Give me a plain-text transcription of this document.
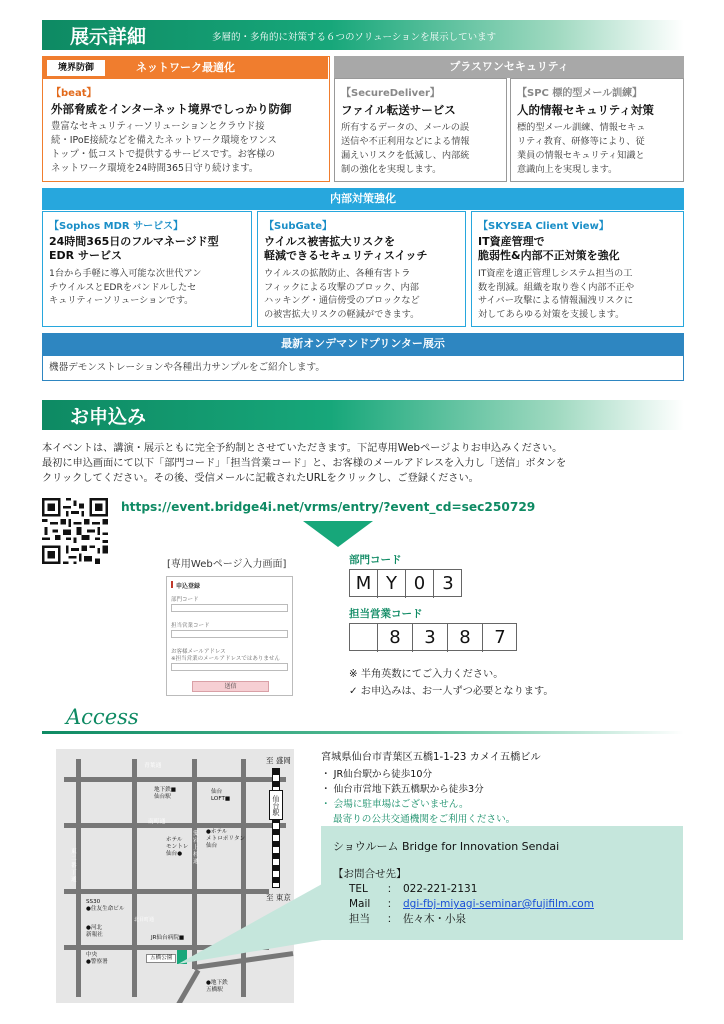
展示詳細	多層的・多角的に対策する６つのソリューションを展示しています
ネットワーク最適化
境界防御
【beat】
外部脅威をインターネット境界でしっかり防御
豊富なセキュリティーソリューションとクラウド接
続・IPoE接続などを備えたネットワーク環境をワンス
トップ・低コストで提供するサービスです。お客様の
ネットワーク環境を24時間365日守り続けます。
プラスワンセキュリティ
【SecureDeliver】
ファイル転送サービス
所有するデータの、メールの誤
送信や不正利用などによる情報
漏えいリスクを低減し、内部統
制の強化を実現します。
【SPC 標的型メール訓練】
人的情報セキュリティ対策
標的型メール訓練、情報セキュ
リティ教育、研修等により、従
業員の情報セキュリティ知識と
意識向上を実現します。
内部対策強化
【Sophos MDR サービス】
24時間365日のフルマネージド型
EDR サービス
1台から手軽に導入可能な次世代アン
チウイルスとEDRをバンドルしたセ
キュリティーソリューションです。
【SubGate】
ウイルス被害拡大リスクを
軽減できるセキュリティスイッチ
ウイルスの拡散防止、各種有害トラ
フィックによる攻撃のブロック、内部
ハッキング・通信傍受のブロックなど
の被害拡大リスクの軽減ができます。
【SKYSEA Client View】
IT資産管理で
脆弱性&内部不正対策を強化
IT資産を適正管理しシステム担当の工
数を削減。組織を取り巻く内部不正や
サイバー攻撃による情報漏洩リスクに
対してあらゆる対策を支援します。
最新オンデマンドプリンター展示
機器デモンストレーションや各種出力サンプルをご紹介します。
お申込み
本イベントは、講演・展示ともに完全予約制とさせていただきます。下記専用Webページよりお申込みください。
最初に申込画面にて以下「部門コード」「担当営業コード」と、お客様のメールアドレスを入力し「送信」ボタンを
クリックしてください。その後、受信メールに記載されたURLをクリックし、ご登録ください。
https://event.bridge4i.net/vrms/entry/?event_cd=sec250729
[専用Webページ入力画面]
申込登録
部門コード
担当営業コード
お客様メールアドレス
※担当営業のメールアドレスではありません
送信
部門コード
M Y 0 3
担当営業コード
8	3	8	7
※ 半角英数にてご入力ください。
✓ お申込みは、お一人ずつ必要となります。
Access
青葉通
地下鉄■
仙台駅
仙台
LOFT■
南町通
●ホテル
メトロポリタン
仙台
ホテル
モントレ
仙台●
愛宕上杉通
東二番丁通
SS30
●住友生命ビル
●河北
新報社
中央
●警察署
JR仙台病院■
五橋公園
●地下鉄
五橋駅
北目町通
至 盛岡
仙台駅
至 東京
宮城県仙台市青葉区五橋1-1-23 カメイ五橋ビル
・ JR仙台駅から徒歩10分
・ 仙台市営地下鉄五橋駅から徒歩3分
・ 会場に駐車場はございません。
最寄りの公共交通機関をご利用ください。
ショウルーム Bridge for Innovation Sendai
【お問合せ先】
TEL ： 022-221-2131
Mail ： dgi-fbj-miyagi-seminar@fujifilm.com
担当 ： 佐々木・小泉
